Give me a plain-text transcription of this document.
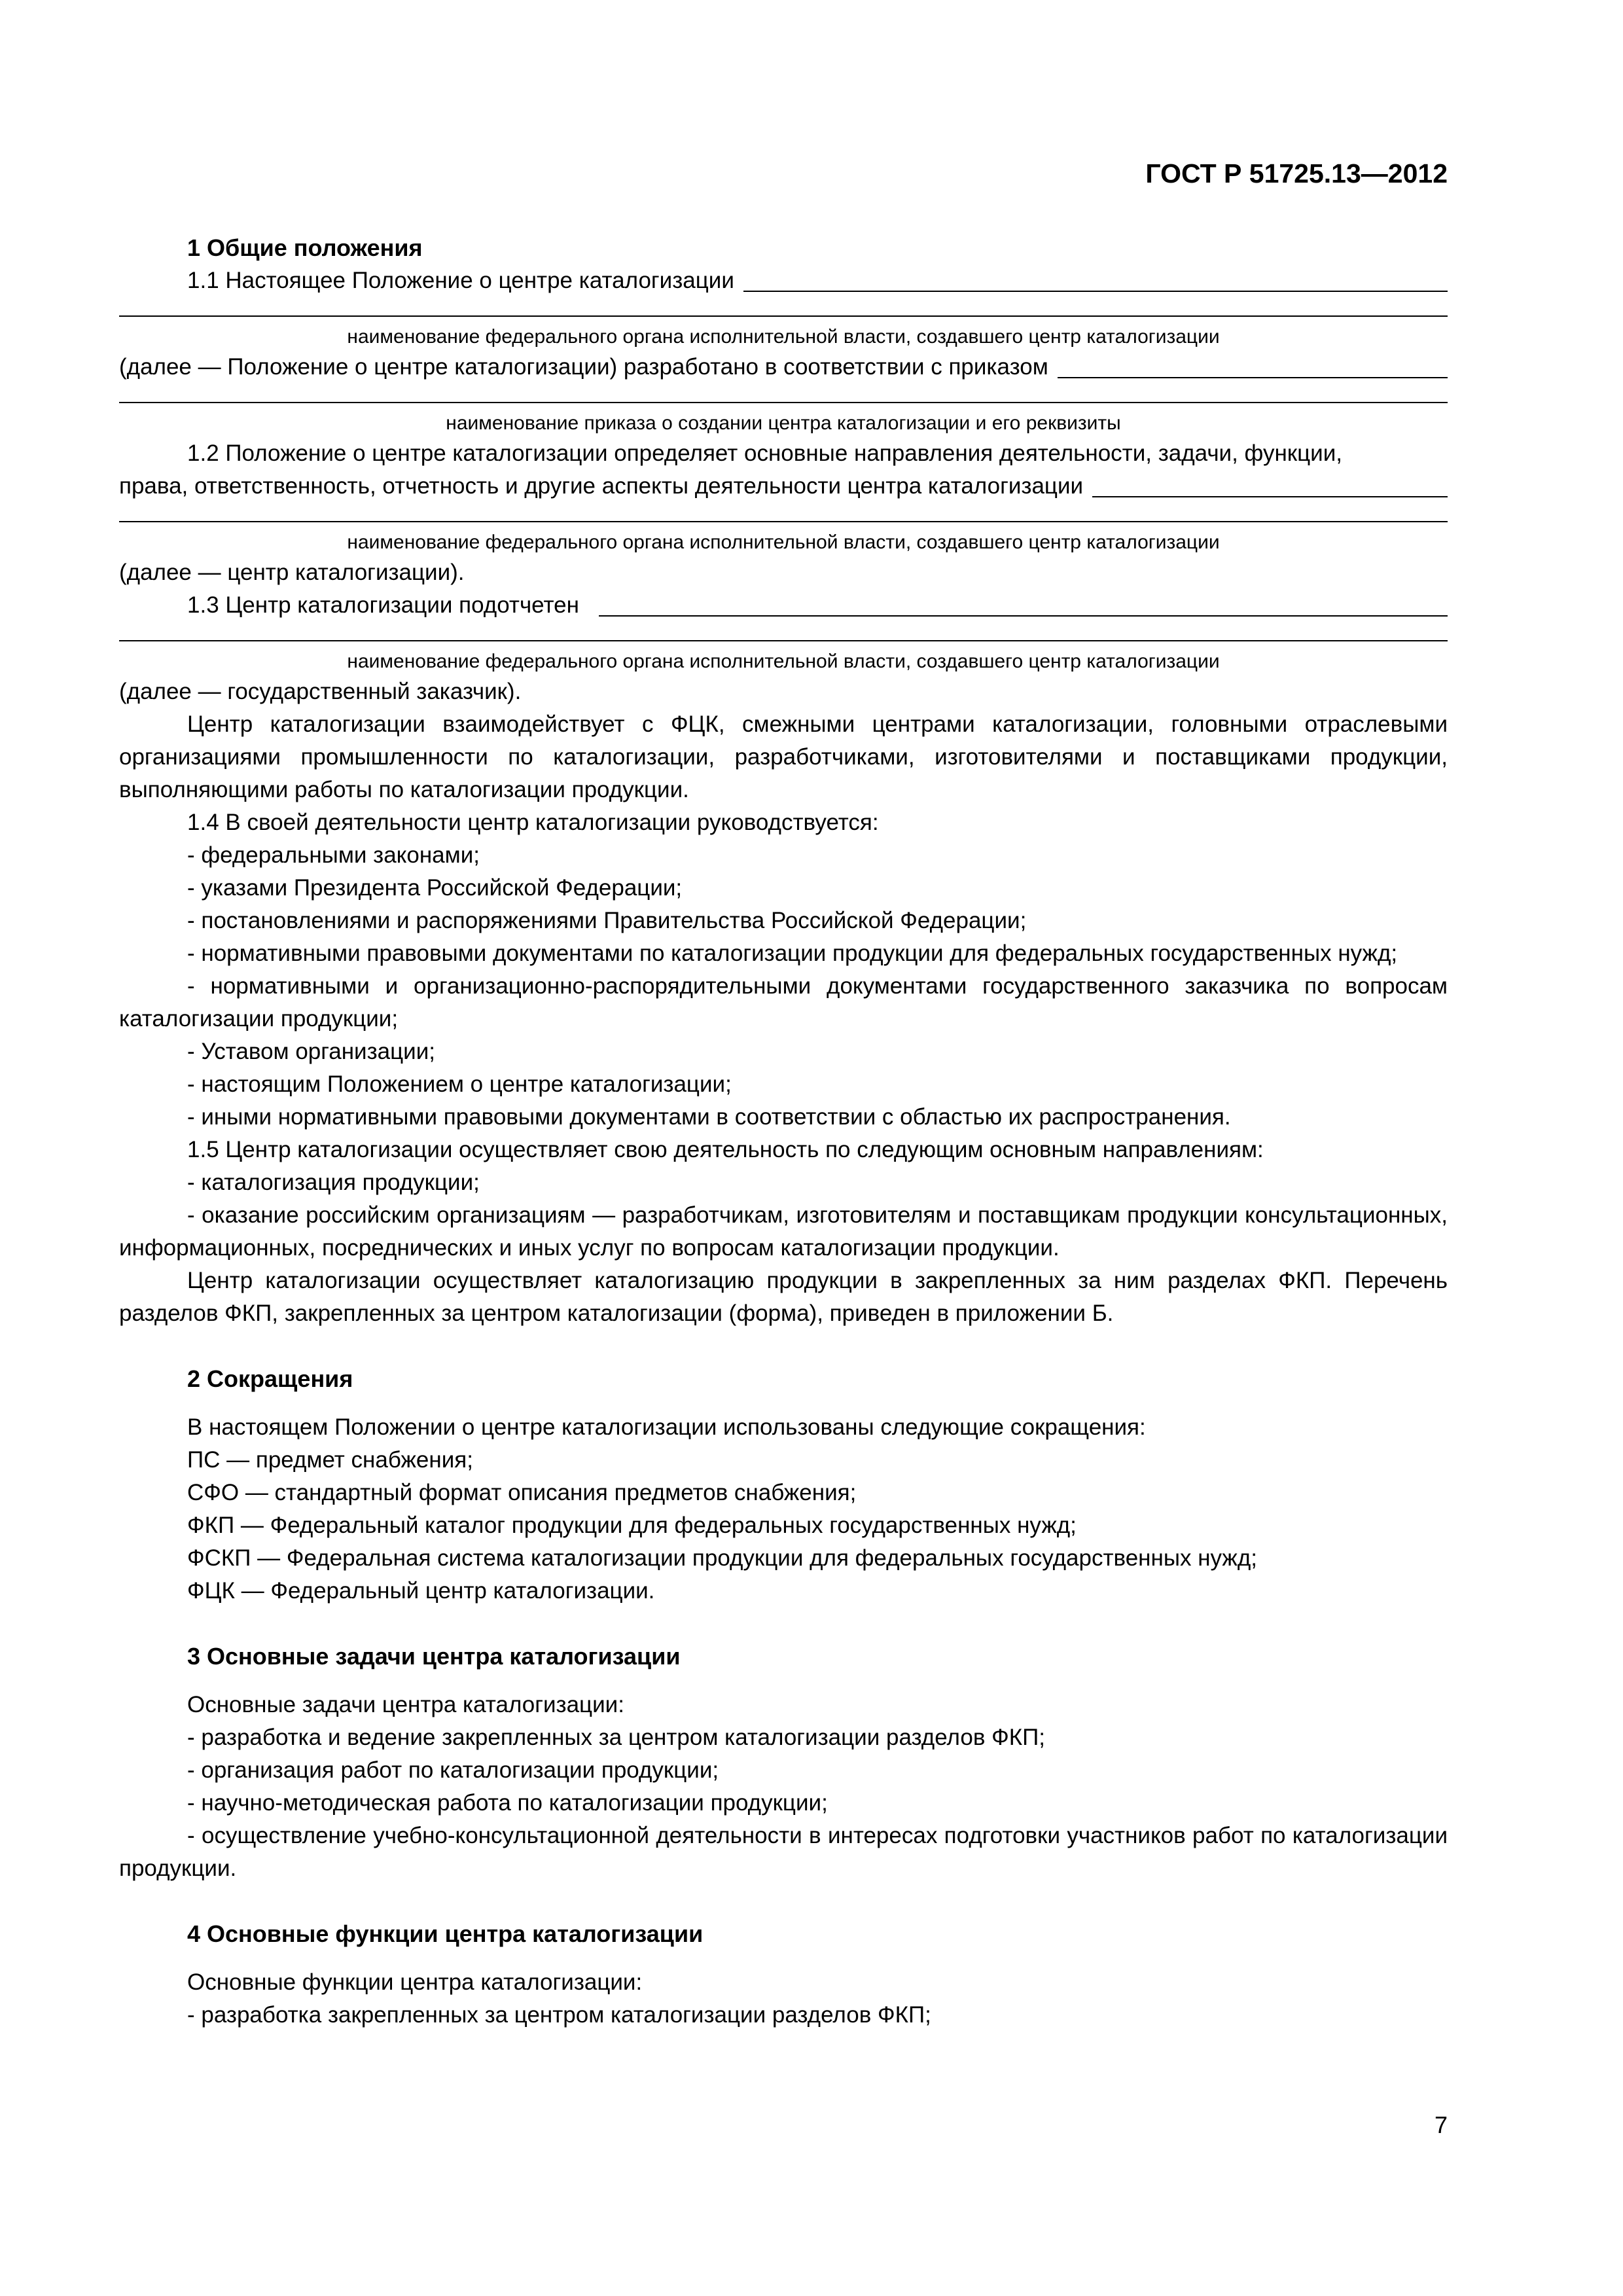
ГОСТ Р 51725.13—2012
1 Общие положения
1.1 Настоящее Положение о центре каталогизации
наименование федерального органа исполнительной власти, создавшего центр каталогизации
(далее — Положение о центре каталогизации) разработано в соответствии с приказом
наименование приказа о создании центра каталогизации и его реквизиты

1.2 Положение о центре каталогизации определяет основные направления деятельности, задачи, функции,

права, ответственность, отчетность и другие аспекты деятельности центра каталогизации
наименование федерального органа исполнительной власти, создавшего центр каталогизации

(далее — центр каталогизации).

1.3 Центр каталогизации подотчетен
наименование федерального органа исполнительной власти, создавшего центр каталогизации

(далее — государственный заказчик).

Центр каталогизации взаимодействует с ФЦК, смежными центрами каталогизации, головными отраслевыми организациями промышленности по каталогизации, разработчиками, изготовителями и поставщиками продукции, выполняющими работы по каталогизации продукции.

1.4 В своей деятельности центр каталогизации руководствуется:

- федеральными законами;

- указами Президента Российской Федерации;

- постановлениями и распоряжениями Правительства Российской Федерации;

- нормативными правовыми документами по каталогизации продукции для федеральных государственных нужд;

- нормативными и организационно-распорядительными документами государственного заказчика по вопросам каталогизации продукции;

- Уставом организации;

- настоящим Положением о центре каталогизации;

- иными нормативными правовыми документами в соответствии с областью их распространения.

1.5 Центр каталогизации осуществляет свою деятельность по следующим основным направлениям:

- каталогизация продукции;

- оказание российским организациям — разработчикам, изготовителям и поставщикам продукции консультационных, информационных, посреднических и иных услуг по вопросам каталогизации продукции.

Центр каталогизации осуществляет каталогизацию продукции в закрепленных за ним разделах ФКП. Перечень разделов ФКП, закрепленных за центром каталогизации (форма), приведен в приложении Б.

2 Сокращения

В настоящем Положении о центре каталогизации использованы следующие сокращения:

ПС — предмет снабжения;

СФО — стандартный формат описания предметов снабжения;

ФКП — Федеральный каталог продукции для федеральных государственных нужд;

ФСКП — Федеральная система каталогизации продукции для федеральных государственных нужд;

ФЦК — Федеральный центр каталогизации.

3 Основные задачи центра каталогизации

Основные задачи центра каталогизации:

- разработка и ведение закрепленных за центром каталогизации разделов ФКП;

- организация работ по каталогизации продукции;

- научно-методическая работа по каталогизации продукции;

- осуществление учебно-консультационной деятельности в интересах подготовки участников работ по каталогизации продукции.

4 Основные функции центра каталогизации

Основные функции центра каталогизации:

- разработка закрепленных за центром каталогизации разделов ФКП;

7
